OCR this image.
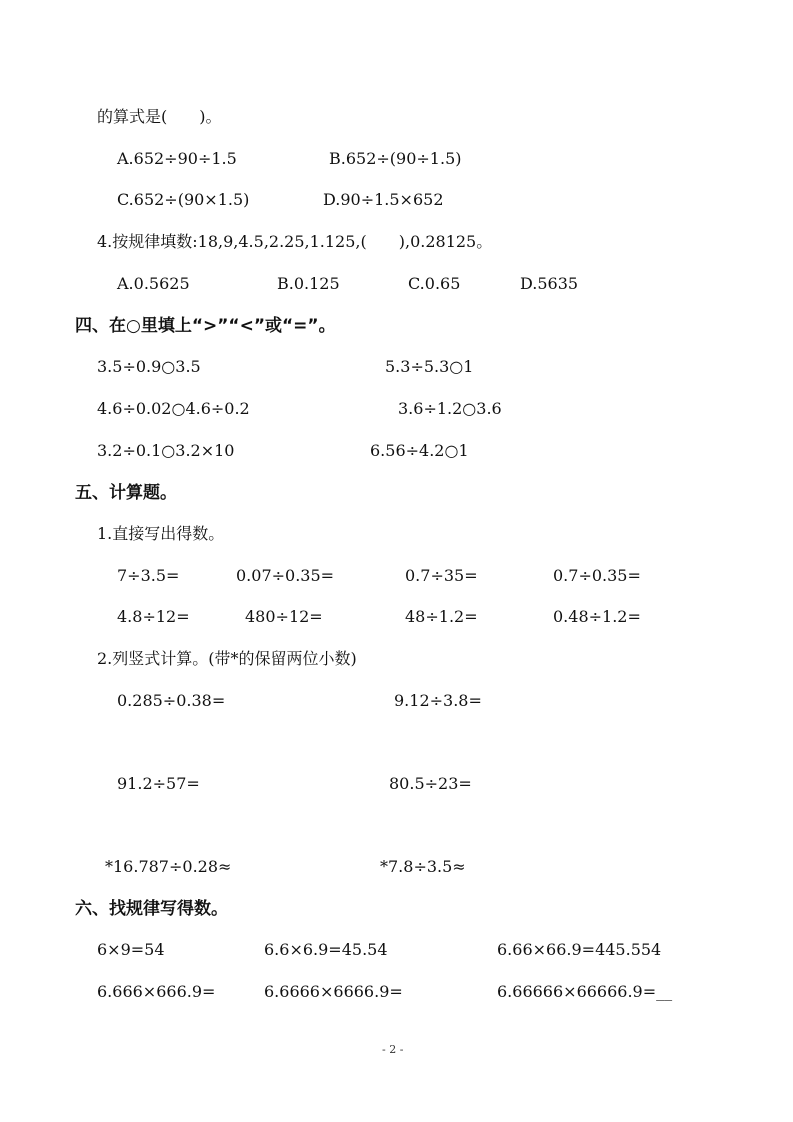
的算式是(　　)。
A.652÷90÷1.5	B.652÷(90÷1.5)
C.652÷(90×1.5)	D.90÷1.5×652
4.按规律填数:18,9,4.5,2.25,1.125,(　　),0.28125。
A.0.5625	B.0.125	C.0.65	D.5635
四、在○里填上“>”“<”或“=”。
3.5÷0.9○3.5	5.3÷5.3○1
4.6÷0.02○4.6÷0.2	3.6÷1.2○3.6
3.2÷0.1○3.2×10	6.56÷4.2○1
五、计算题。
1.直接写出得数。
7÷3.5=	0.07÷0.35=	0.7÷35=	0.7÷0.35=
4.8÷12=	480÷12=	48÷1.2=	0.48÷1.2=
2.列竖式计算。(带*的保留两位小数)
0.285÷0.38=	9.12÷3.8=
91.2÷57=	80.5÷23=
*16.787÷0.28≈	*7.8÷3.5≈
六、找规律写得数。
6×9=54	6.6×6.9=45.54	6.66×66.9=445.554
6.666×666.9=	6.6666×6666.9=	6.66666×66666.9=__
- 2 -
